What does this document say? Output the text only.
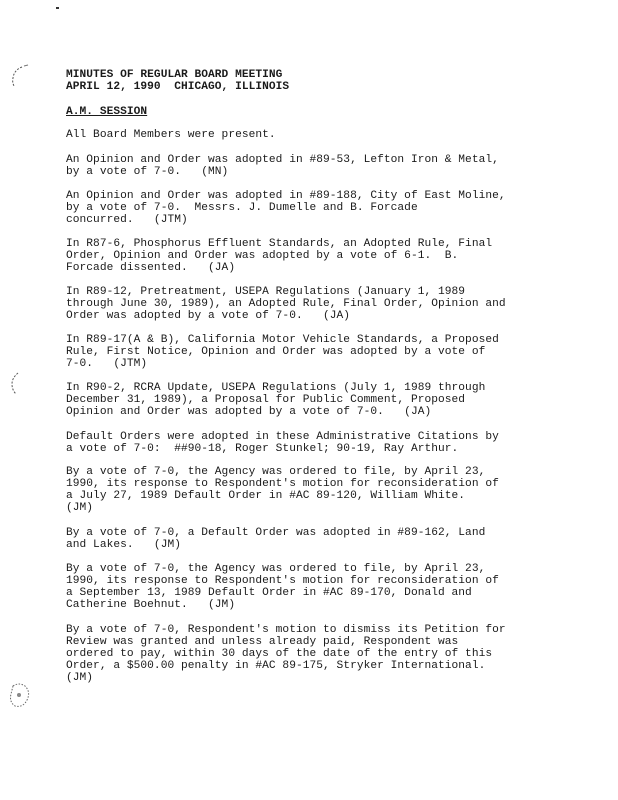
MINUTES OF REGULAR BOARD MEETING
APRIL 12, 1990  CHICAGO, ILLINOIS
A.M. SESSION
All Board Members were present.
An Opinion and Order was adopted in #89-53, Lefton Iron & Metal,
by a vote of 7-0.   (MN)
An Opinion and Order was adopted in #89-188, City of East Moline,
by a vote of 7-0.  Messrs. J. Dumelle and B. Forcade
concurred.   (JTM)
In R87-6, Phosphorus Effluent Standards, an Adopted Rule, Final
Order, Opinion and Order was adopted by a vote of 6-1.  B.
Forcade dissented.   (JA)
In R89-12, Pretreatment, USEPA Regulations (January 1, 1989
through June 30, 1989), an Adopted Rule, Final Order, Opinion and
Order was adopted by a vote of 7-0.   (JA)
In R89-17(A & B), California Motor Vehicle Standards, a Proposed
Rule, First Notice, Opinion and Order was adopted by a vote of
7-0.   (JTM)
In R90-2, RCRA Update, USEPA Regulations (July 1, 1989 through
December 31, 1989), a Proposal for Public Comment, Proposed
Opinion and Order was adopted by a vote of 7-0.   (JA)
Default Orders were adopted in these Administrative Citations by
a vote of 7-0:  ##90-18, Roger Stunkel; 90-19, Ray Arthur.
By a vote of 7-0, the Agency was ordered to file, by April 23,
1990, its response to Respondent's motion for reconsideration of
a July 27, 1989 Default Order in #AC 89-120, William White.
(JM)
By a vote of 7-0, a Default Order was adopted in #89-162, Land
and Lakes.   (JM)
By a vote of 7-0, the Agency was ordered to file, by April 23,
1990, its response to Respondent's motion for reconsideration of
a September 13, 1989 Default Order in #AC 89-170, Donald and
Catherine Boehnut.   (JM)
By a vote of 7-0, Respondent's motion to dismiss its Petition for
Review was granted and unless already paid, Respondent was
ordered to pay, within 30 days of the date of the entry of this
Order, a $500.00 penalty in #AC 89-175, Stryker International.
(JM)
